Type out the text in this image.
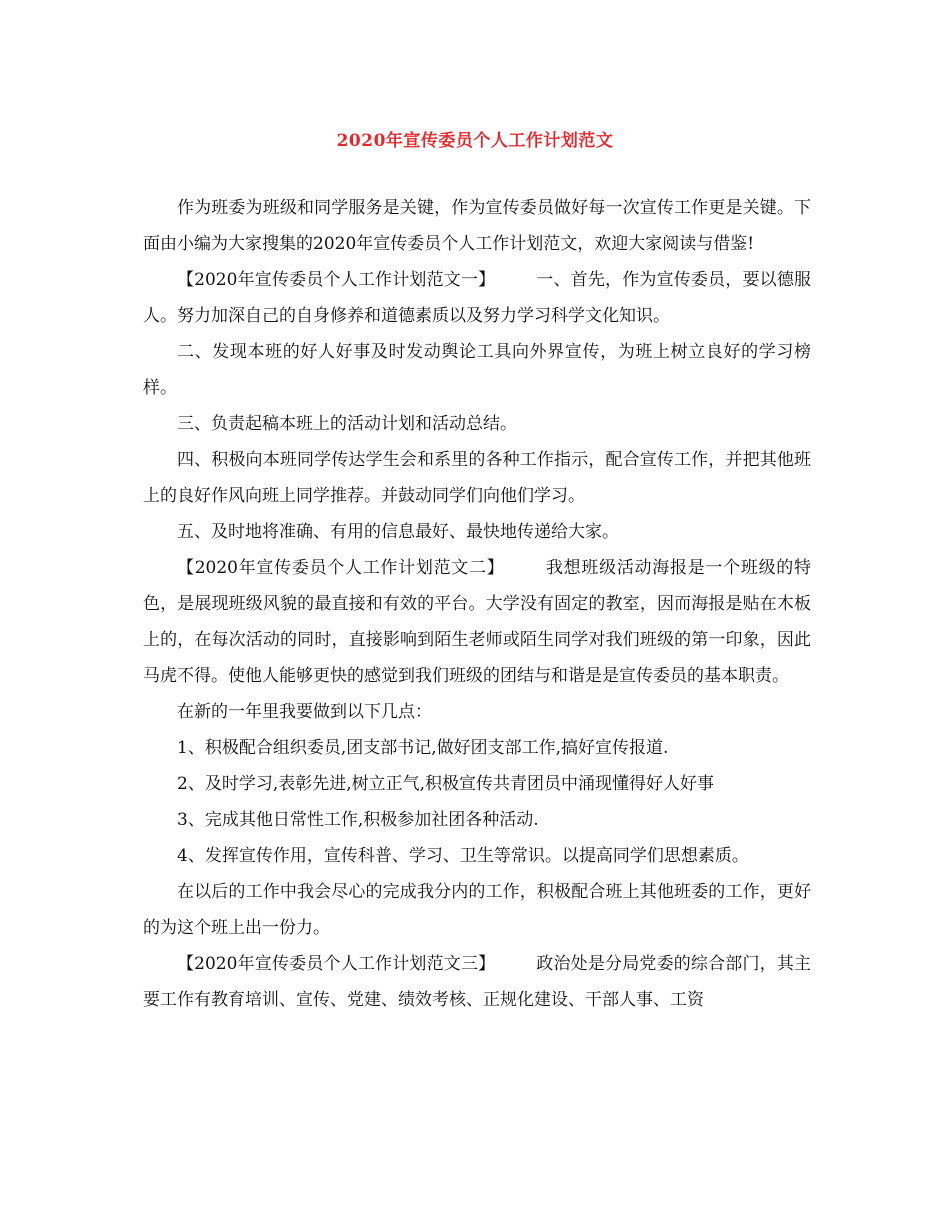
2020年宣传委员个人工作计划范文

作为班委为班级和同学服务是关键，作为宣传委员做好每一次宣传工作更是关键。下面由小编为大家搜集的2020年宣传委员个人工作计划范文，欢迎大家阅读与借鉴!

【2020年宣传委员个人工作计划范文一】 一、首先，作为宣传委员，要以德服人。努力加深自己的自身修养和道德素质以及努力学习科学文化知识。

二、发现本班的好人好事及时发动舆论工具向外界宣传，为班上树立良好的学习榜样。

三、负责起稿本班上的活动计划和活动总结。

四、积极向本班同学传达学生会和系里的各种工作指示，配合宣传工作，并把其他班上的良好作风向班上同学推荐。并鼓动同学们向他们学习。

五、及时地将准确、有用的信息最好、最快地传递给大家。

【2020年宣传委员个人工作计划范文二】 我想班级活动海报是一个班级的特色，是展现班级风貌的最直接和有效的平台。大学没有固定的教室，因而海报是贴在木板上的，在每次活动的同时，直接影响到陌生老师或陌生同学对我们班级的第一印象，因此马虎不得。使他人能够更快的感觉到我们班级的团结与和谐是是宣传委员的基本职责。

在新的一年里我要做到以下几点：

1、积极配合组织委员,团支部书记,做好团支部工作,搞好宣传报道.

2、及时学习,表彰先进,树立正气,积极宣传共青团员中涌现懂得好人好事

3、完成其他日常性工作,积极参加社团各种活动.

4、发挥宣传作用，宣传科普、学习、卫生等常识。以提高同学们思想素质。

在以后的工作中我会尽心的完成我分内的工作，积极配合班上其他班委的工作，更好的为这个班上出一份力。

【2020年宣传委员个人工作计划范文三】 政治处是分局党委的综合部门，其主要工作有教育培训、宣传、党建、绩效考核、正规化建设、干部人事、工资
